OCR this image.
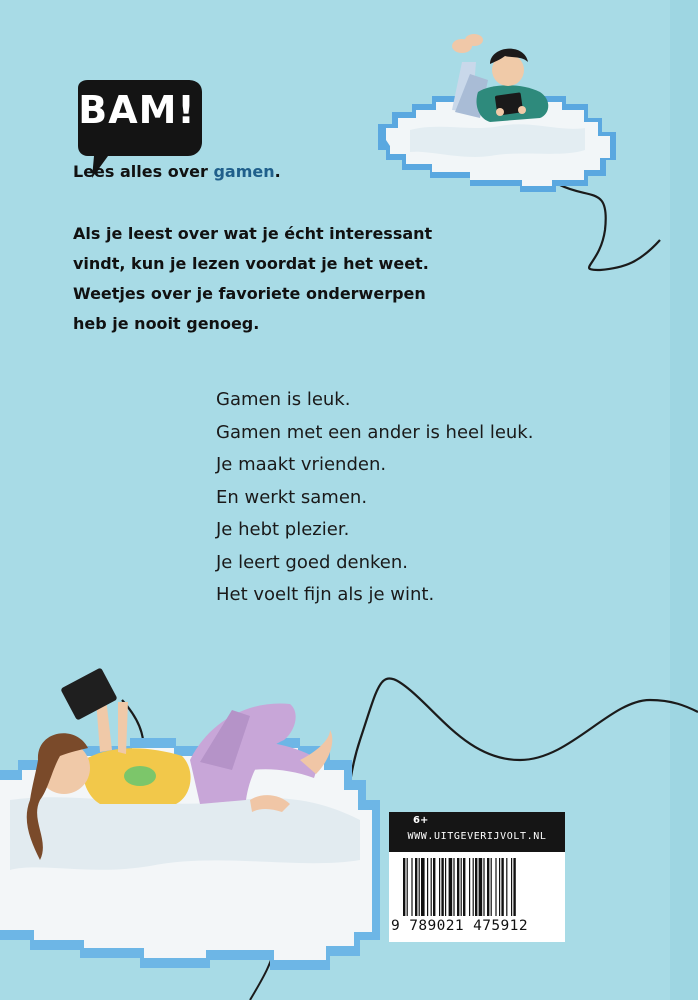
BAM!
Lees alles over gamen.
Als je leest over wat je écht interessant
vindt, kun je lezen voordat je het weet.
Weetjes over je favoriete onderwerpen
heb je nooit genoeg.
Gamen is leuk.
Gamen met een ander is heel leuk.
Je maakt vrienden.
En werkt samen.
Je hebt plezier.
Je leert goed denken.
Het voelt fijn als je wint.
6+
WWW.UITGEVERIJVOLT.NL
9 789021 475912
